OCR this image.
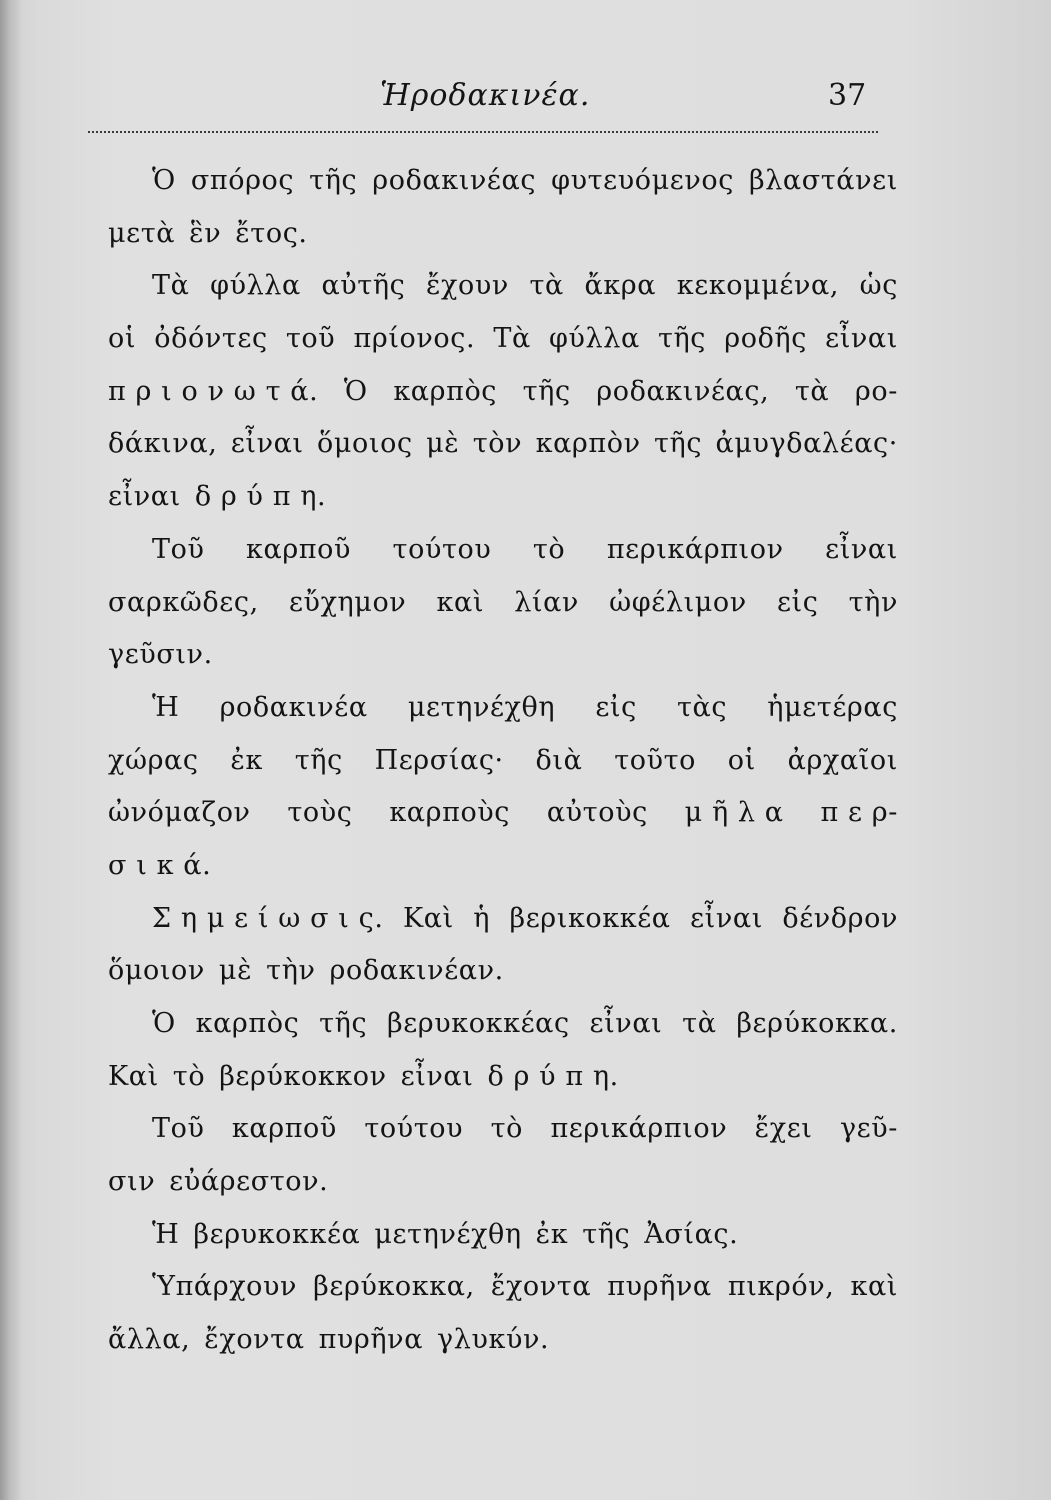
Ἡροδακινέα.	37
Ὁ σπόρος τῆς ροδακινέας φυτευόμενος βλαστάνει
μετὰ ἓν ἔτος.
Τὰ φύλλα αὐτῆς ἔχουν τὰ ἄκρα κεκομμένα, ὡς
οἱ ὀδόντες τοῦ πρίονος. Τὰ φύλλα τῆς ροδῆς εἶναι
π ρ ι ο ν ω τ ά. Ὁ καρπὸς τῆς ροδακινέας, τὰ ρο-
δάκινα, εἶναι ὅμοιος μὲ τὸν καρπὸν τῆς ἀμυγδαλέας·
εἶναι δ ρ ύ π η.
Τοῦ καρποῦ τούτου τὸ περικάρπιον εἶναι
σαρκῶδες, εὔχημον καὶ λίαν ὠφέλιμον εἰς τὴν
γεῦσιν.
Ἡ ροδακινέα μετηνέχθη εἰς τὰς ἡμετέρας
χώρας ἐκ τῆς Περσίας· διὰ τοῦτο οἱ ἀρχαῖοι
ὠνόμαζον τοὺς καρποὺς αὐτοὺς μ ῆ λ α π ε ρ-
σ ι κ ά.
Σ η μ ε ί ω σ ι ς. Καὶ ἡ βερικοκκέα εἶναι δένδρον
ὅμοιον μὲ τὴν ροδακινέαν.
Ὁ καρπὸς τῆς βερυκοκκέας εἶναι τὰ βερύκοκκα.
Καὶ τὸ βερύκοκκον εἶναι δ ρ ύ π η.
Τοῦ καρποῦ τούτου τὸ περικάρπιον ἔχει γεῦ-
σιν εὐάρεστον.
Ἡ βερυκοκκέα μετηνέχθη ἐκ τῆς Ἀσίας.
Ὑπάρχουν βερύκοκκα, ἔχοντα πυρῆνα πικρόν, καὶ
ἄλλα, ἔχοντα πυρῆνα γλυκύν.
